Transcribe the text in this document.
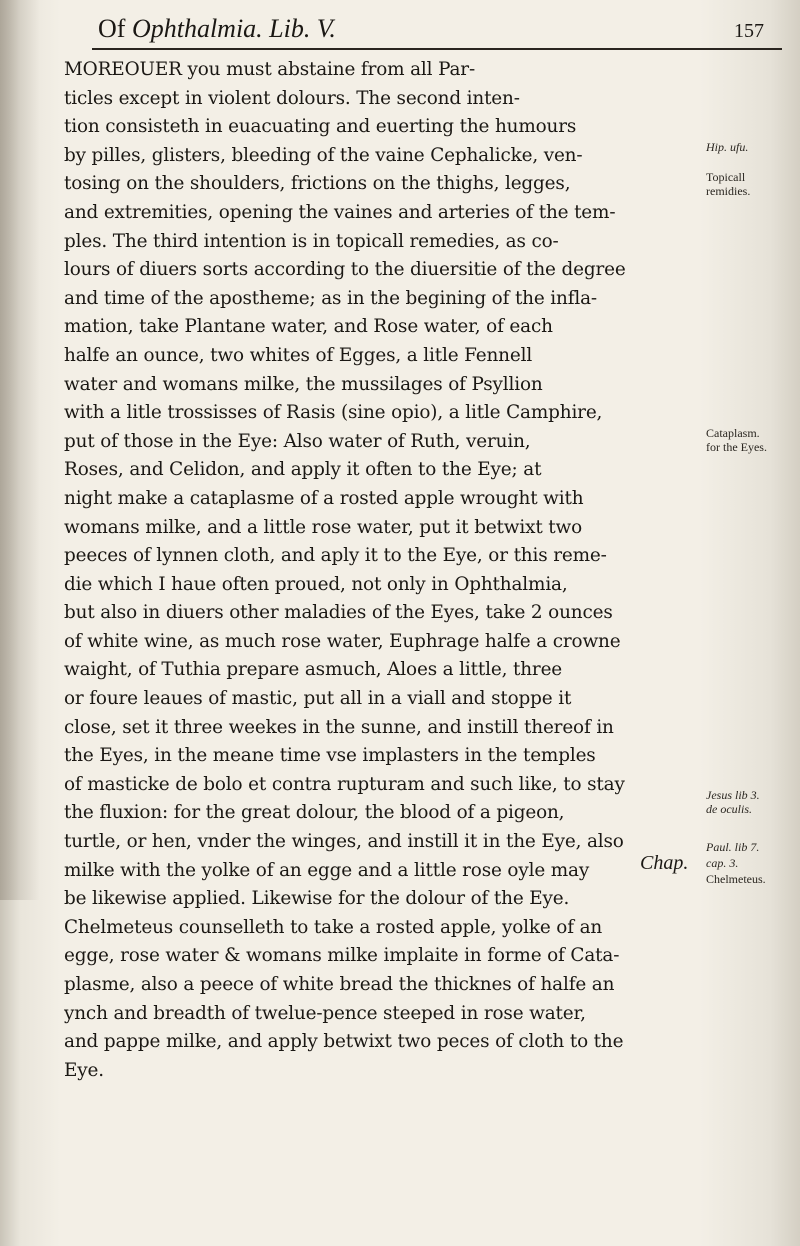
Of Ophthalmia. Lib. V.	157
MOREOUER you must abstaine from all Par-
ticles except in violent dolours. The second inten-
tion consisteth in euacuating and euerting the humours
by pilles, glisters, bleeding of the vaine Cephalicke, ven-
tosing on the shoulders, frictions on the thighs, legges,
and extremities, opening the vaines and arteries of the tem-
ples. The third intention is in topicall remedies, as co-
lours of diuers sorts according to the diuersitie of the degree
and time of the apostheme; as in the begining of the infla-
mation, take Plantane water, and Rose water, of each
halfe an ounce, two whites of Egges, a litle Fennell
water and womans milke, the mussilages of Psyllion
with a litle trossisses of Rasis (sine opio), a litle Camphire,
put of those in the Eye: Also water of Ruth, veruin,
Roses, and Celidon, and apply it often to the Eye; at
night make a cataplasme of a rosted apple wrought with
womans milke, and a little rose water, put it betwixt two
peeces of lynnen cloth, and aply it to the Eye, or this reme-
die which I haue often proued, not only in Ophthalmia,
but also in diuers other maladies of the Eyes, take 2 ounces
of white wine, as much rose water, Euphrage halfe a crowne
waight, of Tuthia prepare asmuch, Aloes a little, three
or foure leaues of mastic, put all in a viall and stoppe it
close, set it three weekes in the sunne, and instill thereof in
the Eyes, in the meane time vse implasters in the temples
of masticke de bolo et contra rupturam and such like, to stay
the fluxion: for the great dolour, the blood of a pigeon,
turtle, or hen, vnder the winges, and instill it in the Eye, also
milke with the yolke of an egge and a little rose oyle may
be likewise applied. Likewise for the dolour of the Eye.
Chelmeteus counselleth to take a rosted apple, yolke of an
egge, rose water & womans milke implaite in forme of Cata-
plasme, also a peece of white bread the thicknes of halfe an
ynch and breadth of twelue-pence steeped in rose water,
and pappe milke, and apply betwixt two peces of cloth to the
Eye.
Hip. ufu.
Topicall
remidies.
Cataplasm.
for the Eyes.
Jesus lib 3.
de oculis.
Paul. lib 7.
cap. 3.
Chelmeteus.
Chap.
